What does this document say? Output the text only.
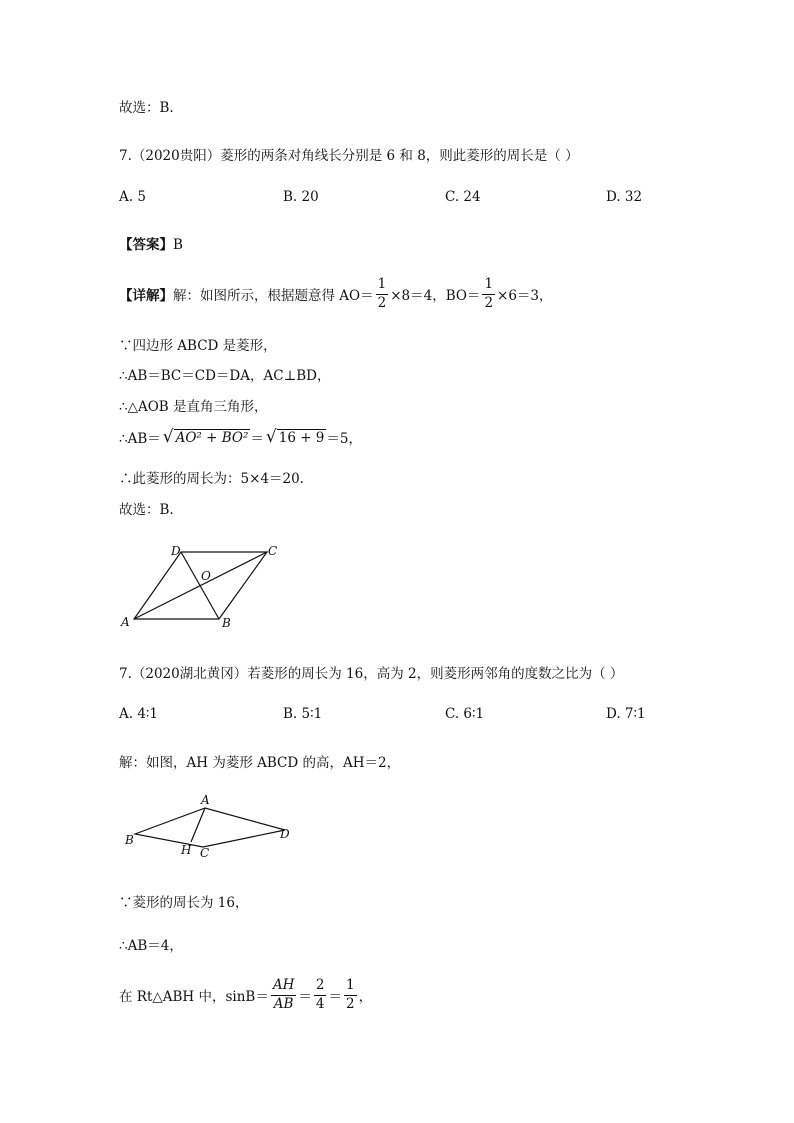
故选：B.
7.（2020贵阳）菱形的两条对角线长分别是 6 和 8，则此菱形的周长是（ ）
A. 5	B. 20	C. 24	D. 32
【答案】B
【详解】 解：如图所示，根据题意得 $AO= \frac{1}{2} \times 8=4$，$BO= \frac{1}{2} \times 6=3$，
∵四边形 ABCD 是菱形，
∴AB＝BC＝CD＝DA，AC⊥BD，
∴△AOB 是直角三角形，
∴AB＝ √ AO² + BO² ＝ √ 16 + 9 ＝5，
∴此菱形的周长为：5×4＝20.
故选：B.
D	C
O
A	B
7.（2020湖北黄冈）若菱形的周长为 16，高为 2，则菱形两邻角的度数之比为（ ）
A. 4∶1	B. 5∶1	C. 6∶1	D. 7∶1
解：如图，AH 为菱形 ABCD 的高，AH＝2，
A
B
H C
D
∵菱形的周长为 16，
∴AB＝4，
在 Rt△ABH 中，$\sin B= \frac{AH}{AB} = \frac{2}{4} = \frac{1}{2}$ ，
